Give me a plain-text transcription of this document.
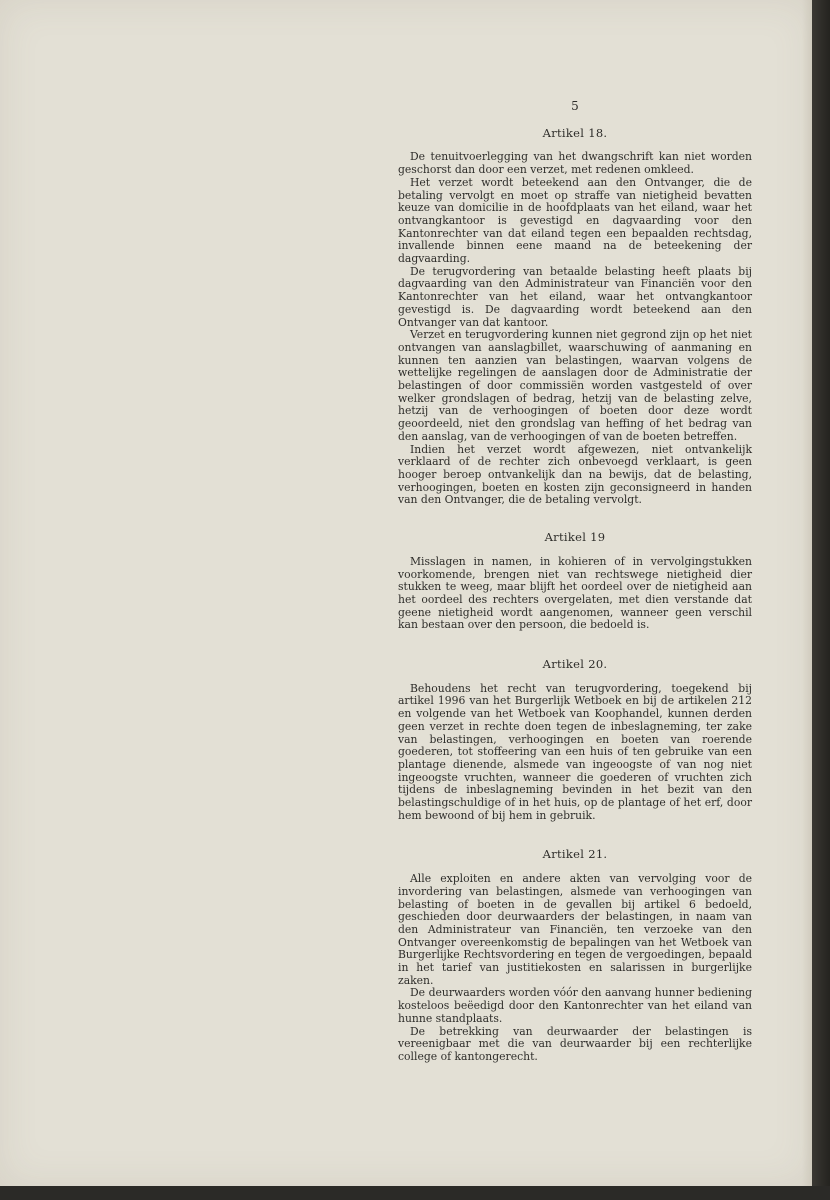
5
Artikel 18.

De tenuitvoerlegging van het dwangschrift kan niet worden geschorst dan door een verzet, met redenen omkleed.

Het verzet wordt beteekend aan den Ontvanger, die de betaling vervolgt en moet op straffe van nietigheid bevatten keuze van domicilie in de hoofdplaats van het eiland, waar het ontvangkantoor is gevestigd en dagvaarding voor den Kantonrechter van dat eiland tegen een bepaalden rechtsdag, invallende binnen eene maand na de beteekening der dagvaarding.

De terugvordering van betaalde belasting heeft plaats bij dagvaarding van den Administrateur van Financiën voor den Kantonrechter van het eiland, waar het ontvangkantoor gevestigd is. De dagvaarding wordt beteekend aan den Ontvanger van dat kantoor.

Verzet en terugvordering kunnen niet gegrond zijn op het niet ontvangen van aanslagbillet, waarschuwing of aanmaning en kunnen ten aanzien van belastingen, waarvan volgens de wettelijke regelingen de aanslagen door de Administratie der belastingen of door commissiën worden vastgesteld of over welker grondslagen of bedrag, hetzij van de belasting zelve, hetzij van de verhoogingen of boeten door deze wordt geoordeeld, niet den grondslag van heffing of het bedrag van den aanslag, van de verhoogingen of van de boeten betreffen.

Indien het verzet wordt afgewezen, niet ontvankelijk verklaard of de rechter zich onbevoegd verklaart, is geen hooger beroep ontvankelijk dan na bewijs, dat de belasting, verhoogingen, boeten en kosten zijn geconsigneerd in handen van den Ontvanger, die de betaling vervolgt.

Artikel 19

Misslagen in namen, in kohieren of in vervolgingstukken voorkomende, brengen niet van rechtswege nietigheid dier stukken te weeg, maar blijft het oordeel over de nietigheid aan het oordeel des rechters overgelaten, met dien verstande dat geene nietigheid wordt aangenomen, wanneer geen verschil kan bestaan over den persoon, die bedoeld is.

Artikel 20.

Behoudens het recht van terugvordering, toegekend bij artikel 1996 van het Burgerlijk Wetboek en bij de artikelen 212 en volgende van het Wetboek van Koophandel, kunnen derden geen verzet in rechte doen tegen de inbeslagneming, ter zake van belastingen, verhoogingen en boeten van roerende goederen, tot stoffeering van een huis of ten gebruike van een plantage dienende, alsmede van ingeoogste of van nog niet ingeoogste vruchten, wanneer die goederen of vruchten zich tijdens de inbeslagneming bevinden in het bezit van den belastingschuldige of in het huis, op de plantage of het erf, door hem bewoond of bij hem in gebruik.

Artikel 21.

Alle exploiten en andere akten van vervolging voor de invordering van belastingen, alsmede van verhoogingen van belasting of boeten in de gevallen bij artikel 6 bedoeld, geschieden door deurwaarders der belastingen, in naam van den Administrateur van Financiën, ten verzoeke van den Ontvanger overeenkomstig de bepalingen van het Wetboek van Burgerlijke Rechtsvordering en tegen de vergoedingen, bepaald in het tarief van justitiekosten en salarissen in burgerlijke zaken.

De deurwaarders worden vóór den aanvang hunner bediening kosteloos beëedigd door den Kantonrechter van het eiland van hunne standplaats.

De betrekking van deurwaarder der belastingen is vereenigbaar met die van deurwaarder bij een rechterlijke college of kantongerecht.
